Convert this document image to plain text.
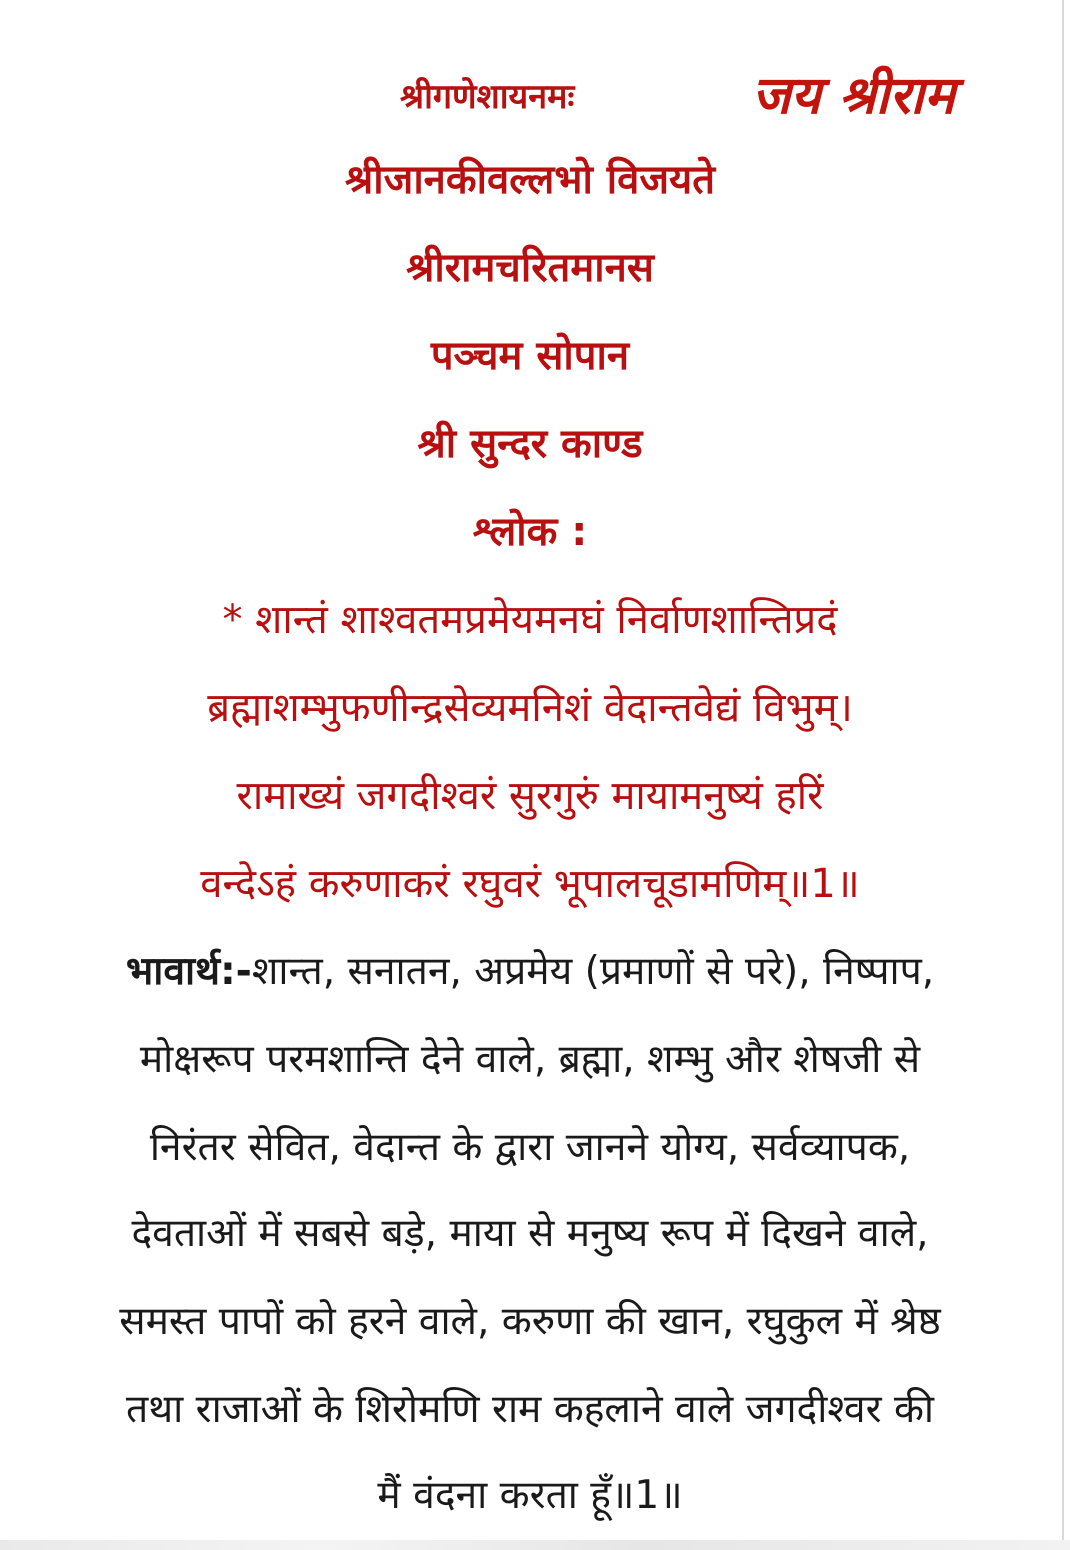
श्रीगणेशायनमः	जय श्रीराम
श्रीजानकीवल्लभो विजयते
श्रीरामचरितमानस
पञ्चम सोपान
श्री सुन्दर काण्ड
श्लोक :
* शान्तं शाश्वतमप्रमेयमनघं निर्वाणशान्तिप्रदं
ब्रह्माशम्भुफणीन्द्रसेव्यमनिशं वेदान्तवेद्यं विभुम्।
रामाख्यं जगदीश्वरं सुरगुरुं मायामनुष्यं हरिं
वन्देऽहं करुणाकरं रघुवरं भूपालचूडामणिम्॥1॥
भावार्थ:-शान्त, सनातन, अप्रमेय (प्रमाणों से परे), निष्पाप,
मोक्षरूप परमशान्ति देने वाले, ब्रह्मा, शम्भु और शेषजी से
निरंतर सेवित, वेदान्त के द्वारा जानने योग्य, सर्वव्यापक,
देवताओं में सबसे बड़े, माया से मनुष्य रूप में दिखने वाले,
समस्त पापों को हरने वाले, करुणा की खान, रघुकुल में श्रेष्ठ
तथा राजाओं के शिरोमणि राम कहलाने वाले जगदीश्वर की
मैं वंदना करता हूँ॥1॥
